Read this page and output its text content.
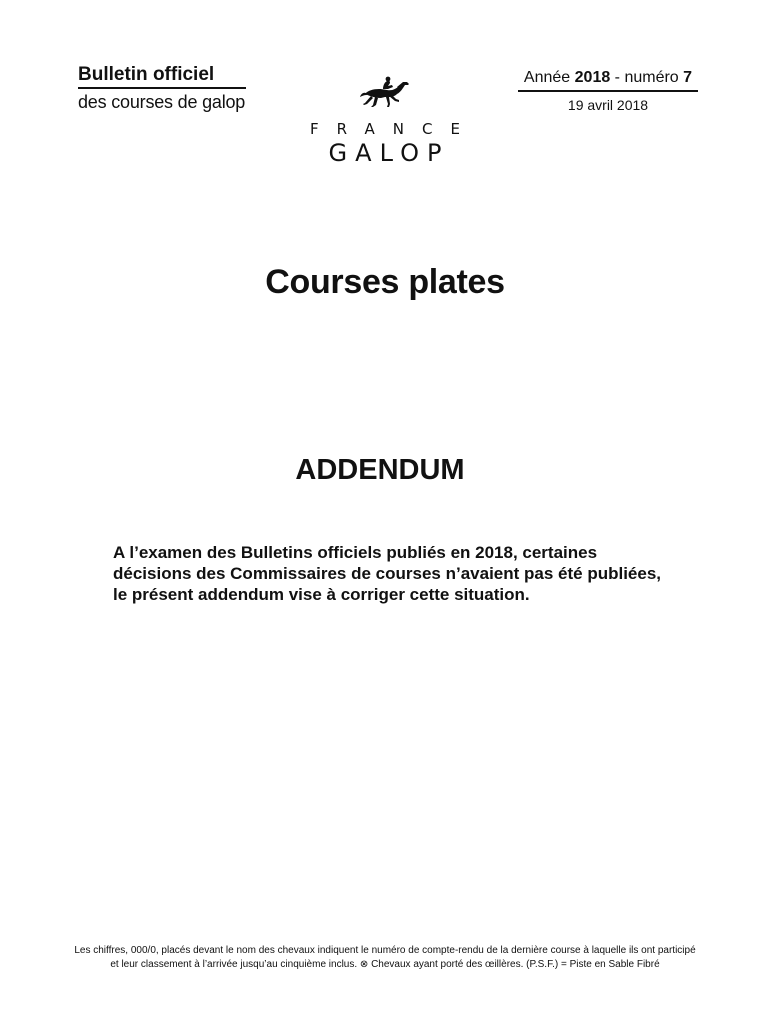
Bulletin officiel
des courses de galop
FRANCE
GALOP
Année 2018 - numéro 7
19 avril 2018
Courses plates
ADDENDUM
A l’examen des Bulletins officiels publiés en 2018, certaines
décisions des Commissaires de courses n’avaient pas été publiées,
le présent addendum vise à corriger cette situation.
Les chiffres, 000/0, placés devant le nom des chevaux indiquent le numéro de compte-rendu de la dernière course à laquelle ils ont participé
et leur classement à l’arrivée jusqu’au cinquième inclus. ⊗ Chevaux ayant porté des œillères. (P.S.F.) = Piste en Sable Fibré
